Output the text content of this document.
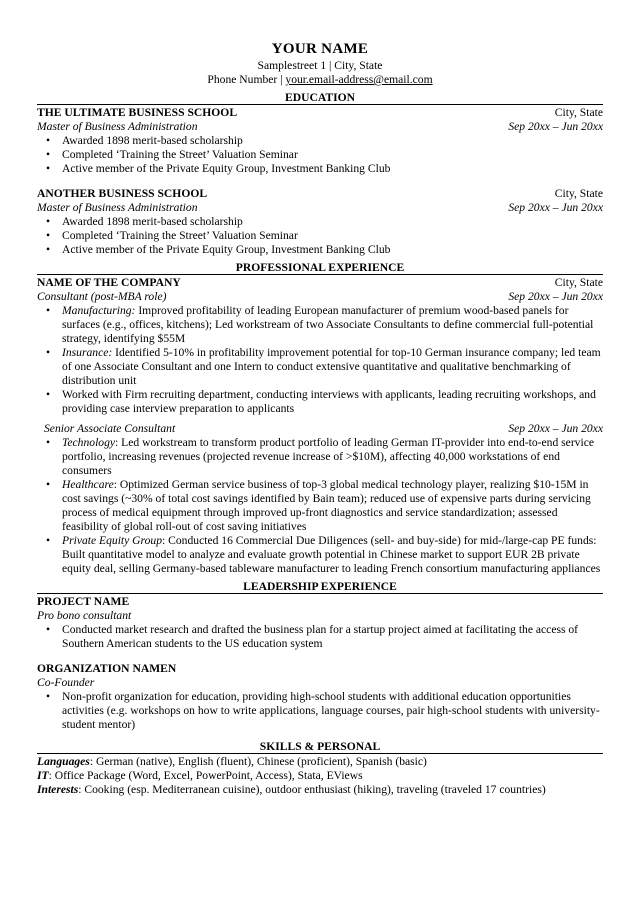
YOUR NAME
Samplestreet 1 | City, State
Phone Number | your.email-address@email.com
EDUCATION
THE ULTIMATE BUSINESS SCHOOL	City, State
Master of Business Administration	Sep 20xx – Jun 20xx
• Awarded 1898 merit-based scholarship
• Completed ‘Training the Street’ Valuation Seminar
• Active member of the Private Equity Group, Investment Banking Club
ANOTHER BUSINESS SCHOOL	City, State
Master of Business Administration	Sep 20xx – Jun 20xx
• Awarded 1898 merit-based scholarship
• Completed ‘Training the Street’ Valuation Seminar
• Active member of the Private Equity Group, Investment Banking Club
PROFESSIONAL EXPERIENCE
NAME OF THE COMPANY	City, State
Consultant (post-MBA role)	Sep 20xx – Jun 20xx
• Manufacturing: Improved profitability of leading European manufacturer of premium wood-based panels for surfaces (e.g., offices, kitchens); Led workstream of two Associate Consultants to define commercial full-potential strategy, identifying $55M
• Insurance: Identified 5-10% in profitability improvement potential for top-10 German insurance company; led team of one Associate Consultant and one Intern to conduct extensive quantitative and qualitative benchmarking of distribution unit
• Worked with Firm recruiting department, conducting interviews with applicants, leading recruiting workshops, and providing case interview preparation to applicants
Senior Associate Consultant	Sep 20xx – Jun 20xx
• Technology: Led workstream to transform product portfolio of leading German IT-provider into end-to-end service portfolio, increasing revenues (projected revenue increase of >$10M), affecting 40,000 workstations of end consumers
• Healthcare: Optimized German service business of top-3 global medical technology player, realizing $10-15M in cost savings (~30% of total cost savings identified by Bain team); reduced use of expensive parts during servicing process of medical equipment through improved up-front diagnostics and service standardization; assessed feasibility of global roll-out of cost saving initiatives
• Private Equity Group: Conducted 16 Commercial Due Diligences (sell- and buy-side) for mid-/large-cap PE funds: Built quantitative model to analyze and evaluate growth potential in Chinese market to support EUR 2B private equity deal, selling Germany-based tableware manufacturer to leading French consortium manufacturing appliances
LEADERSHIP EXPERIENCE
PROJECT NAME
Pro bono consultant
• Conducted market research and drafted the business plan for a startup project aimed at facilitating the access of Southern American students to the US education system
ORGANIZATION NAMEN
Co-Founder
• Non-profit organization for education, providing high-school students with additional education opportunities activities (e.g. workshops on how to write applications, language courses, pair high-school students with university-student mentor)
SKILLS & PERSONAL
Languages: German (native), English (fluent), Chinese (proficient), Spanish (basic)
IT: Office Package (Word, Excel, PowerPoint, Access), Stata, EViews
Interests: Cooking (esp. Mediterranean cuisine), outdoor enthusiast (hiking), traveling (traveled 17 countries)
